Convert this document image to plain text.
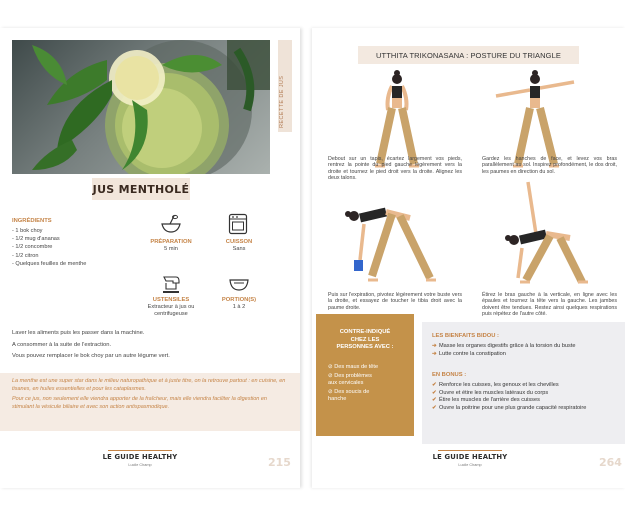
RECETTE DE JUS
JUS MENTHOLÉ
INGRÉDIENTS
- 1 bok choy
- 1/2 mug d'ananas
- 1/2 concombre
- 1/2 citron
- Quelques feuilles de menthe
PRÉPARATION
5 min
CUISSON
Sans
USTENSILES
Extracteur à jus ou centrifugeuse
PORTION(S)
1 à 2

Laver les aliments puis les passer dans la machine.

A consommer à la suite de l'extraction.

Vous pouvez remplacer le bok choy par un autre légume vert.

La menthe est une super star dans le milieu naturopathique et à juste titre, on la retrouve partout : en cuisine, en tisanes, en huiles essentielles et pour les cataplasmes.

Pour ce jus, non seulement elle viendra apporter de la fraîcheur, mais elle viendra faciliter la digestion en stimulant la vésicule biliaire et avec son action antispasmodique.

LE GUIDE HEALTHY
Lucile Champ	215
UTTHITA TRIKONASANA : POSTURE DU TRIANGLE
Debout sur un tapis, écartez largement vos pieds, rentrez la pointe du pied gauche légèrement vers la droite et tournez le pied droit vers la droite. Alignez les deux talons.
Gardez les hanches de face, et levez vos bras parallèlement au sol. Inspirez profondément, le dos droit, les paumes en direction du sol.
Puis sur l'expiration, pivotez légèrement votre buste vers la droite, et essayez de toucher le tibia droit avec la paume droite.
Étirez le bras gauche à la verticale, en ligne avec les épaules et tournez la tête vers la gauche. Les jambes doivent être tendues. Restez ainsi quelques respirations puis répétez de l'autre côté.
CONTRE-INDIQUÉ
CHEZ LES
PERSONNES AVEC :
⊘ Des maux de tête
⊘ Des problèmes
aux cervicales
⊘ Des soucis de
hanche
LES BIENFAITS BIDOU :
➔ Masse les organes digestifs grâce à la torsion du buste
➔ Lutte contre la constipation
EN BONUS :
✔ Renforce les cuisses, les genoux et les chevilles
✔ Ouvre et étire les muscles latéraux du corps
✔ Étire les muscles de l'arrière des cuisses
✔ Ouvre la poitrine pour une plus grande capacité respiratoire
LE GUIDE HEALTHY
Lucile Champ	264
